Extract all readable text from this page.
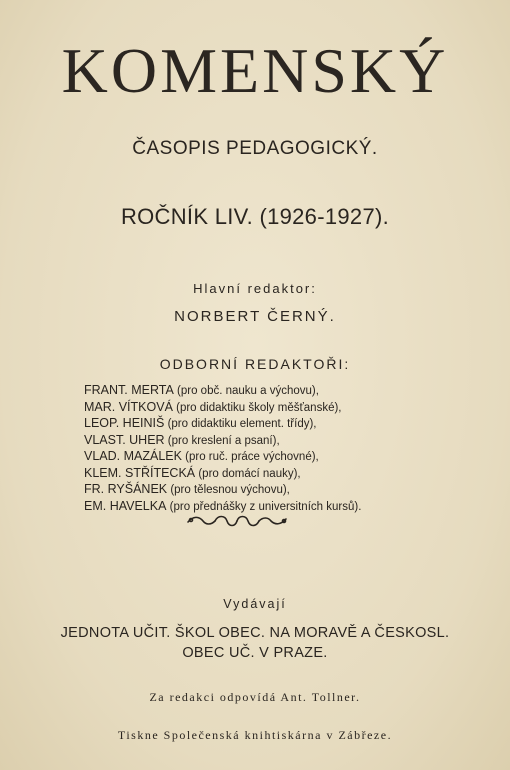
KOMENSKÝ
ČASOPIS PEDAGOGICKÝ.
ROČNÍK LIV. (1926-1927).
Hlavní redaktor:
NORBERT ČERNÝ.
ODBORNÍ REDAKTOŘI:
FRANT. MERTA (pro obč. nauku a výchovu),
MAR. VÍTKOVÁ (pro didaktiku školy měšťanské),
LEOP. HEINIŠ (pro didaktiku element. třídy),
VLAST. UHER (pro kreslení a psaní),
VLAD. MAZÁLEK (pro ruč. práce výchovné),
KLEM. STŘÍTECKÁ (pro domácí nauky),
FR. RYŠÁNEK (pro tělesnou výchovu),
EM. HAVELKA (pro přednášky z universitních kursů).
Vydávají
JEDNOTA UČIT. ŠKOL OBEC. NA MORAVĚ A ČESKOSL.
OBEC UČ. V PRAZE.
Za redakci odpovídá Ant. Tollner.
Tiskne Společenská knihtiskárna v Zábřeze.
